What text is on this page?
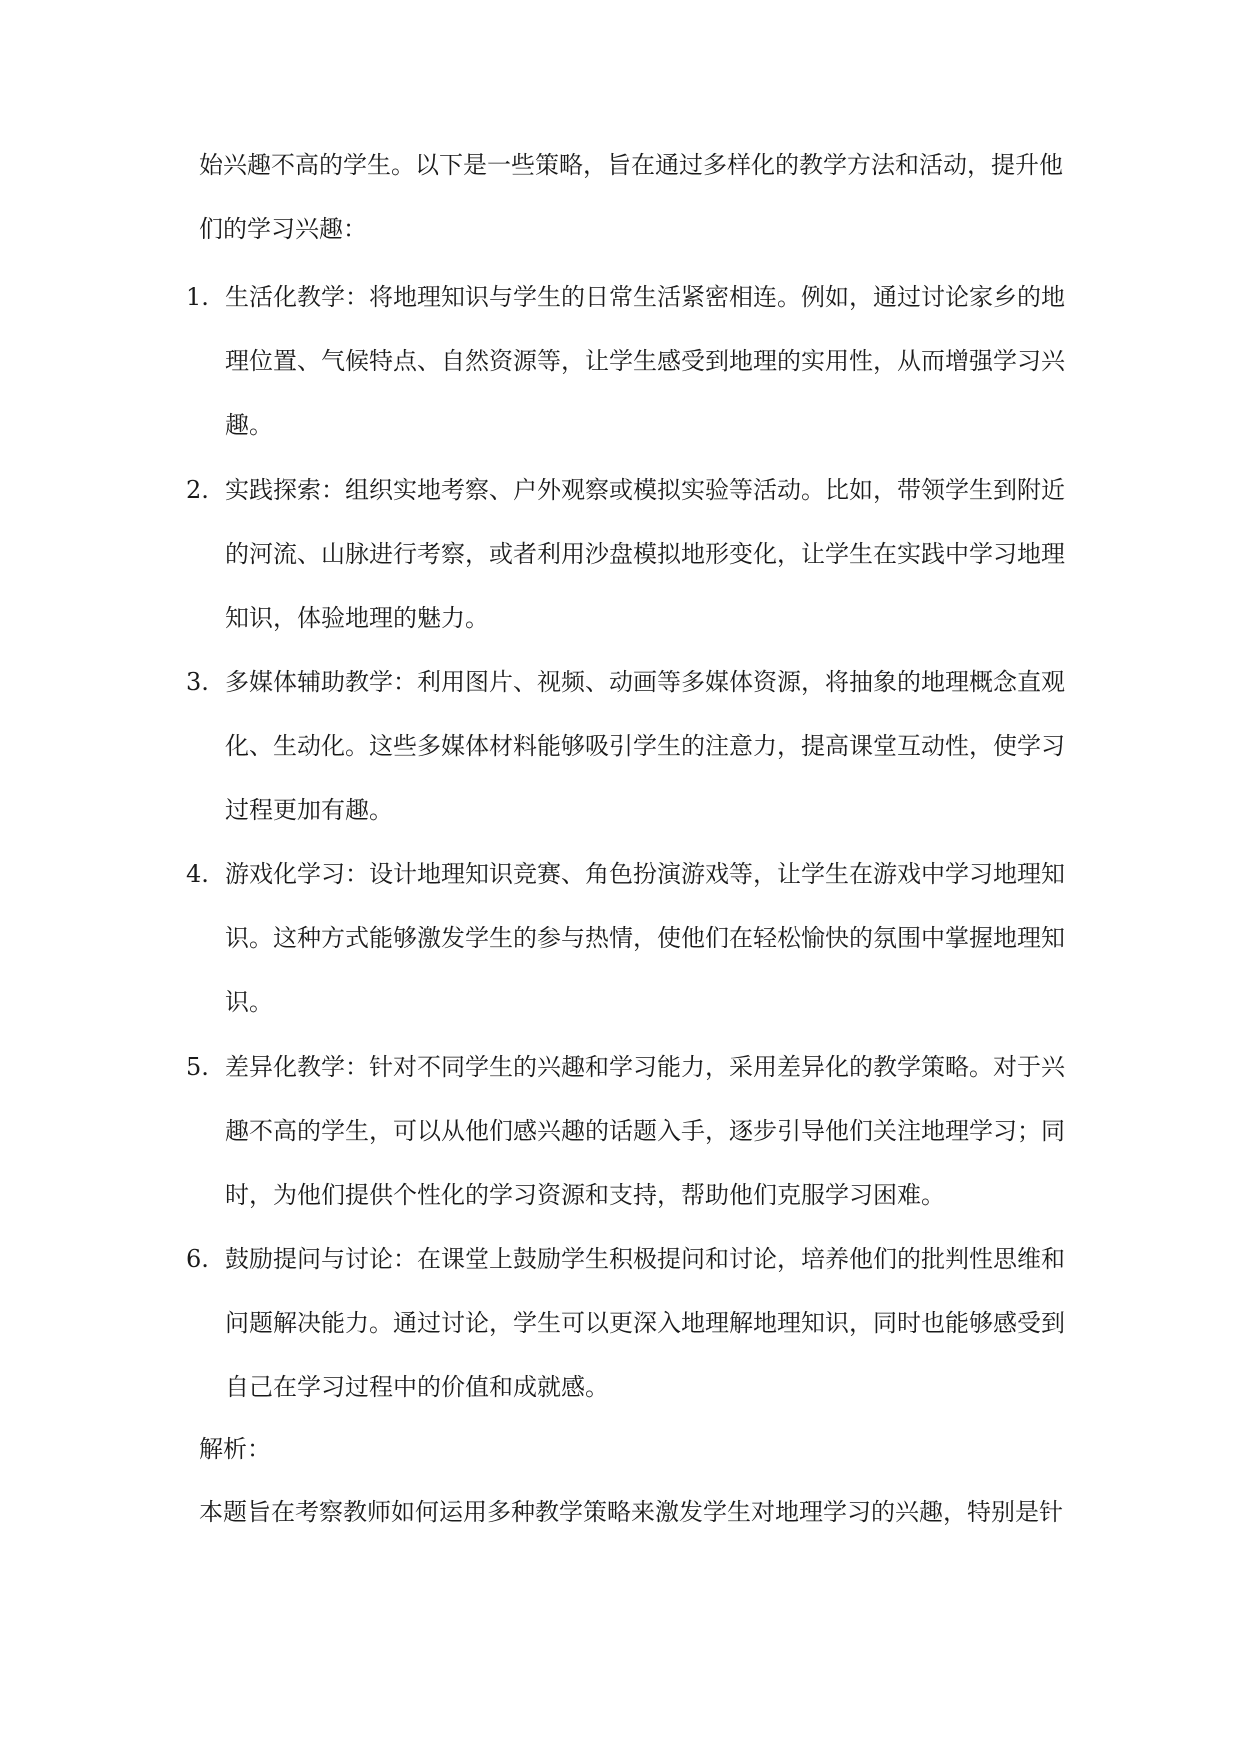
始兴趣不高的学生。以下是一些策略，旨在通过多样化的教学方法和活动，提升他
们的学习兴趣：
1. 生活化教学：将地理知识与学生的日常生活紧密相连。例如，通过讨论家乡的地
理位置、气候特点、自然资源等，让学生感受到地理的实用性，从而增强学习兴
趣。
2. 实践探索：组织实地考察、户外观察或模拟实验等活动。比如，带领学生到附近
的河流、山脉进行考察，或者利用沙盘模拟地形变化，让学生在实践中学习地理
知识，体验地理的魅力。
3. 多媒体辅助教学：利用图片、视频、动画等多媒体资源，将抽象的地理概念直观
化、生动化。这些多媒体材料能够吸引学生的注意力，提高课堂互动性，使学习
过程更加有趣。
4. 游戏化学习：设计地理知识竞赛、角色扮演游戏等，让学生在游戏中学习地理知
识。这种方式能够激发学生的参与热情，使他们在轻松愉快的氛围中掌握地理知
识。
5. 差异化教学：针对不同学生的兴趣和学习能力，采用差异化的教学策略。对于兴
趣不高的学生，可以从他们感兴趣的话题入手，逐步引导他们关注地理学习；同
时，为他们提供个性化的学习资源和支持，帮助他们克服学习困难。
6. 鼓励提问与讨论：在课堂上鼓励学生积极提问和讨论，培养他们的批判性思维和
问题解决能力。通过讨论，学生可以更深入地理解地理知识，同时也能够感受到
自己在学习过程中的价值和成就感。
解析：
本题旨在考察教师如何运用多种教学策略来激发学生对地理学习的兴趣，特别是针
